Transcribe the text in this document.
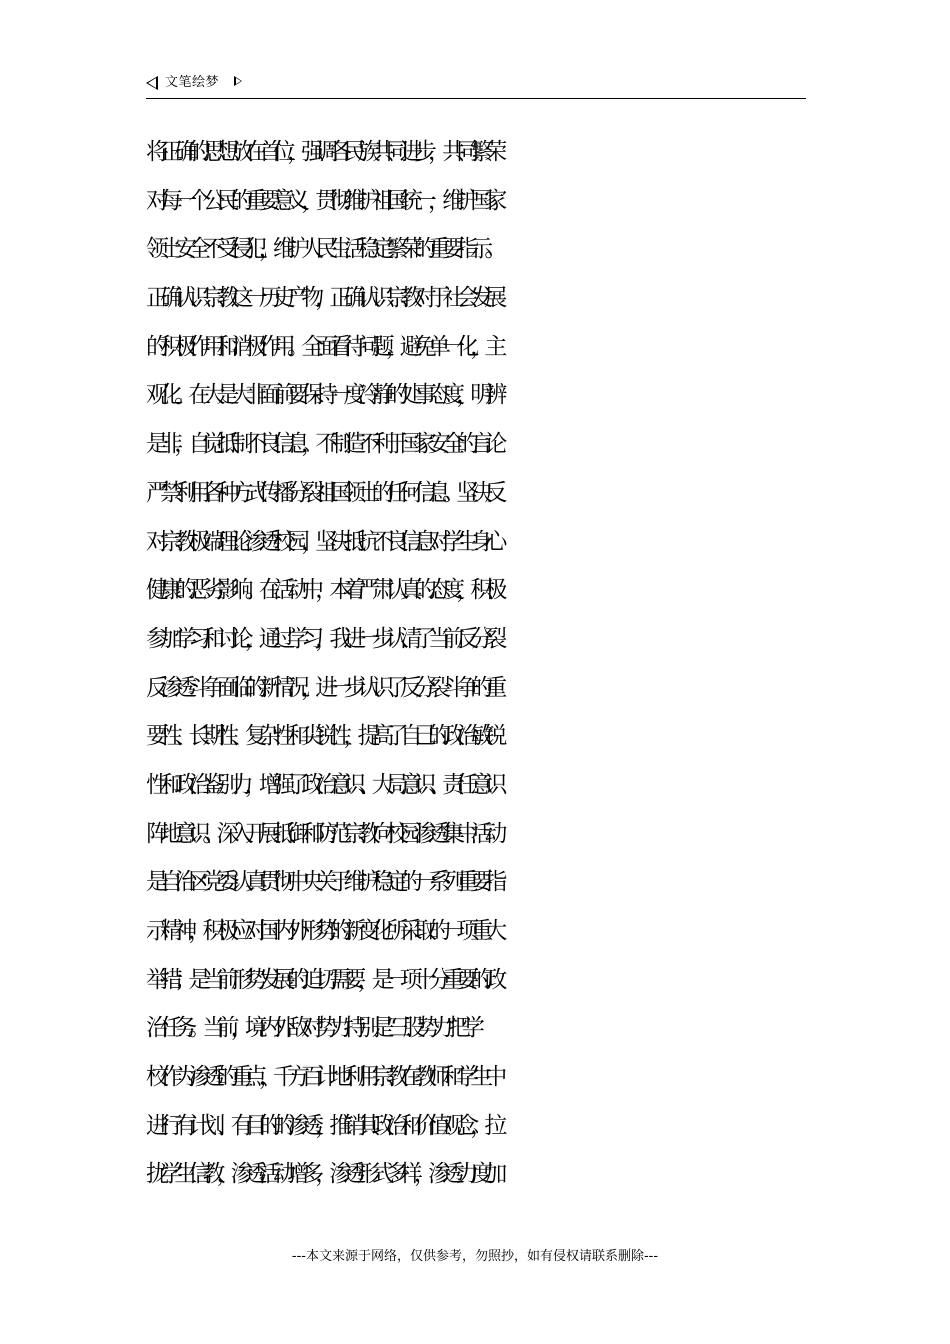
文笔绘梦
将正确的思想放在首位，强调各民族共同进步，共同繁荣
对每一个公民的重要意义，贯彻维护祖国统一，维护国家
领土安全不受侵犯，维护人民生活稳定繁荣的重要指示。
正确认识宗教这一历史产物，正确认识宗教对于社会发展
的积极作用和消极作用。全面看待问题，避免单一化，主
观化。在大是大非面前要保持一度冷静的处事态度，明辨
是非，自觉抵制不良信息，不制造不利于国家安全的言论
严禁利用各种方式传播分裂祖国领土的任何信息。坚决反
对宗教极端理论渗透校园，坚决抵抗不良信息对学生身心
健康的恶劣影响。在活动中，本着严肃认真的态度，积极
参加学习和讨论，通过学习，我进一步认清了当前反分裂
反渗透斗争面临的新情况，进一步认识了反分裂斗争的重
要性、长期性、复杂性和尖锐性，提高了自己的政治敏锐
性和政治鉴别力，增强了政治意识、大局意识、责任意识
阵地意识。深入开展抵御和防范宗教向校园渗透集中活动
是自治区党委认真贯彻中央关于维护稳定的一系列重要指
示精神，积极应对国内外形势的新变化所采取的一项重大
举措；是当前形势发展的迫切需要，是一项十分重要的政
治任务。当前，境内外敌对势力特别是“三股势力”把学
校作为渗透的重点，千方百计地利用宗教在教师和学生中
进行有计划、有目的的渗透，推销其政治和价值观念，拉
拢学生信教，渗透活动增多，渗透形式多样，渗透力度加
---本文来源于网络，仅供参考，勿照抄，如有侵权请联系删除---
